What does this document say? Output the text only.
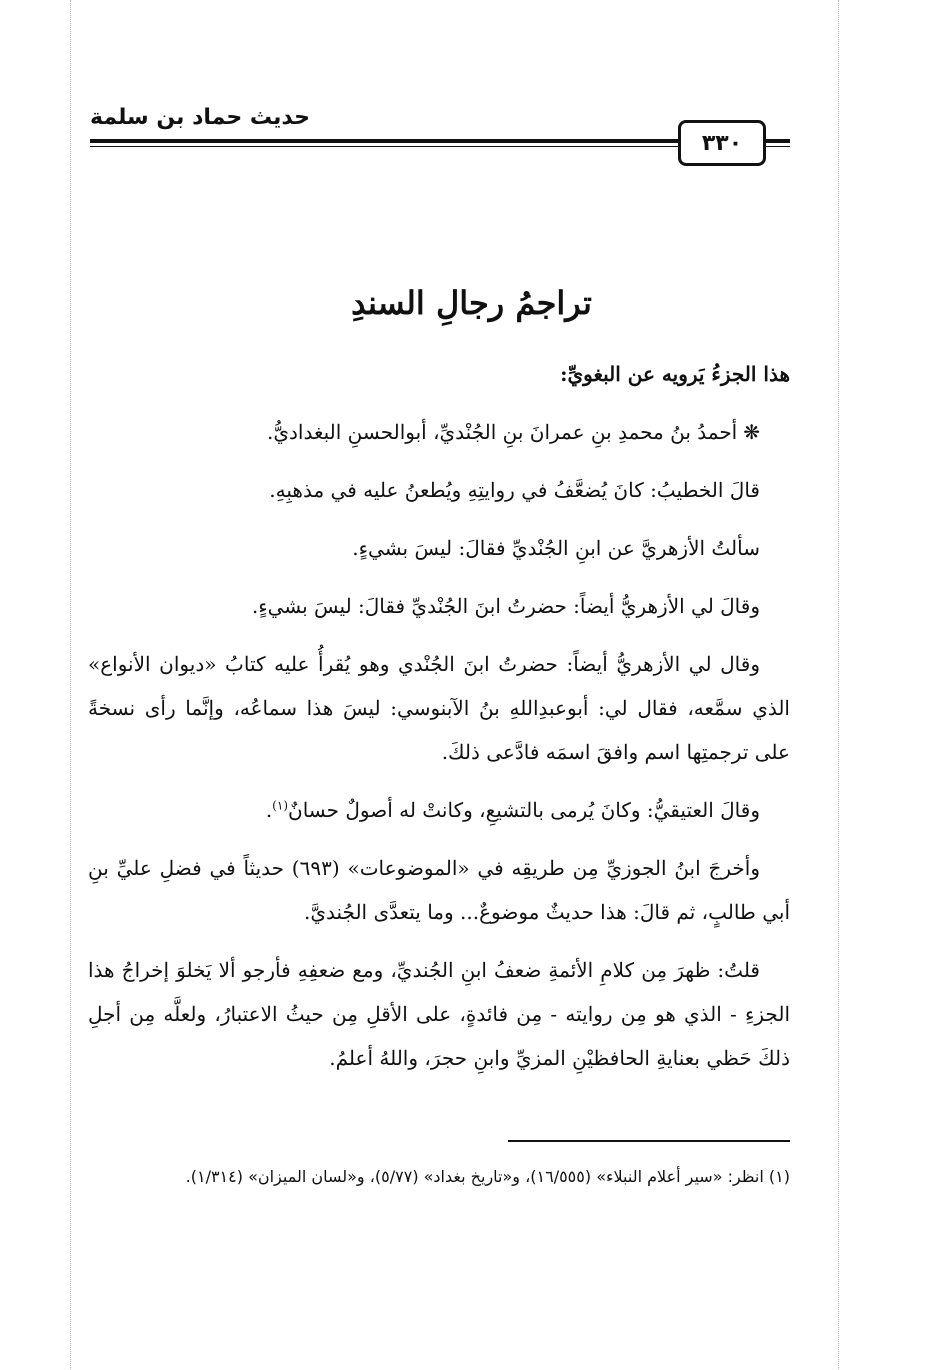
حديث حماد بن سلمة
٣٣٠
تراجمُ رجالِ السندِ

هذا الجزءُ يَرويه عن البغويِّ:

❋أحمدُ بنُ محمدِ بنِ عمرانَ بنِ الجُنْديِّ، أبوالحسنِ البغداديُّ.

قالَ الخطيبُ: كانَ يُضعَّفُ في روايتِهِ ويُطعنُ عليه في مذهبِهِ.

سألتُ الأزهريَّ عن ابنِ الجُنْديِّ فقالَ: ليسَ بشيءٍ.

وقالَ لي الأزهريُّ أيضاً: حضرتُ ابنَ الجُنْديِّ فقالَ: ليسَ بشيءٍ.

وقال لي الأزهريُّ أيضاً: حضرتُ ابنَ الجُنْدي وهو يُقرأُ عليه كتابُ «ديوان الأنواع» الذي سمَّعه، فقال لي: أبوعبدِاللهِ بنُ الآبنوسي: ليسَ هذا سماعُه، وإنَّما رأى نسخةً على ترجمتِها اسم وافقَ اسمَه فادَّعى ذلكَ.

وقالَ العتيقيُّ: وكانَ يُرمى بالتشيعِ، وكانتْ له أصولٌ حسانٌ$^{(١)}$.

وأخرجَ ابنُ الجوزيِّ مِن طريقِه في «الموضوعات» (٦٩٣) حديثاً في فضلِ عليِّ بنِ أبي طالبٍ، ثم قالَ: هذا حديثٌ موضوعٌ... وما يتعدَّى الجُنديَّ.

قلتُ: ظهرَ مِن كلامِ الأئمةِ ضعفُ ابنِ الجُنديِّ، ومع ضعفِهِ فأرجو ألا يَخلوَ إخراجُ هذا الجزءِ - الذي هو مِن روايته - مِن فائدةٍ، على الأقلِ مِن حيثُ الاعتبارُ، ولعلَّه مِن أجلِ ذلكَ حَظي بعنايةِ الحافظيْنِ المزيِّ وابنِ حجرَ، واللهُ أعلمُ.

(١) انظر: «سير أعلام النبلاء» (١٦/٥٥٥)، و«تاريخ بغداد» (٥/٧٧)، و«لسان الميزان» (١/٣١٤).
